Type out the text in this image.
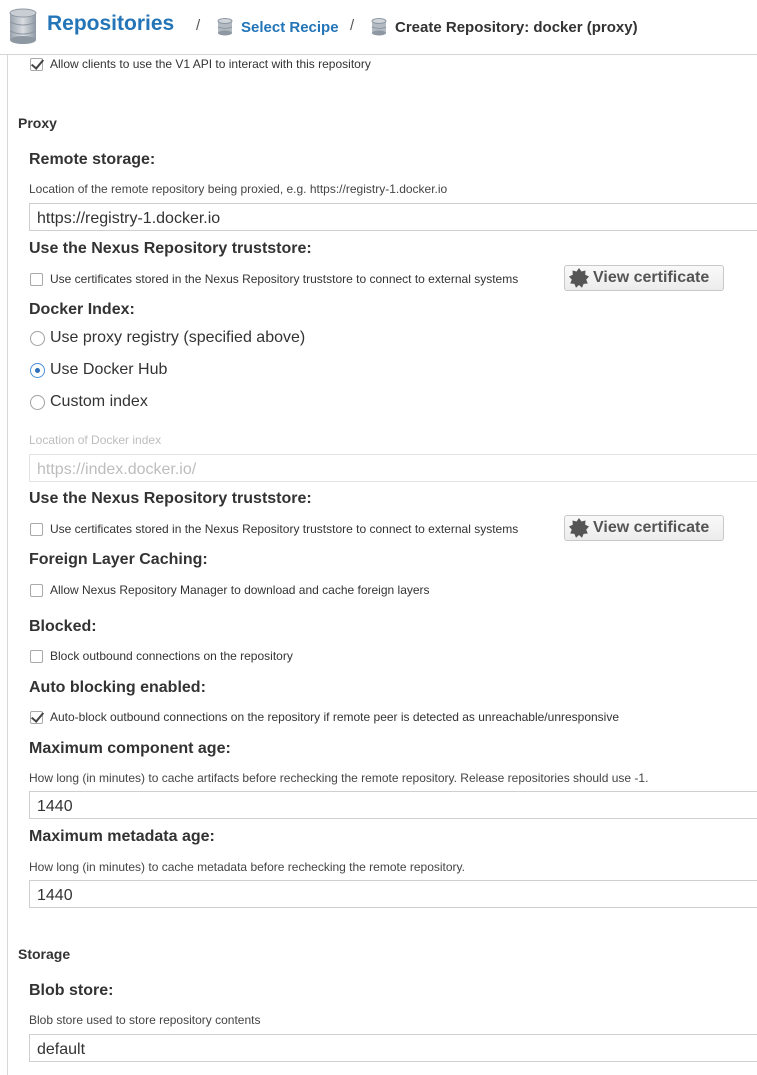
Repositories /	Select Recipe /	Create Repository: docker (proxy)
Allow clients to use the V1 API to interact with this repository
Proxy
Remote storage:
Location of the remote repository being proxied, e.g. https://registry-1.docker.io
https://registry-1.docker.io
Use the Nexus Repository truststore:
Use certificates stored in the Nexus Repository truststore to connect to external systems	View certificate
Docker Index:
Use proxy registry (specified above)
Use Docker Hub
Custom index
Location of Docker index
https://index.docker.io/
Use the Nexus Repository truststore:
Use certificates stored in the Nexus Repository truststore to connect to external systems	View certificate
Foreign Layer Caching:
Allow Nexus Repository Manager to download and cache foreign layers
Blocked:
Block outbound connections on the repository
Auto blocking enabled:
Auto-block outbound connections on the repository if remote peer is detected as unreachable/unresponsive
Maximum component age:
How long (in minutes) to cache artifacts before rechecking the remote repository. Release repositories should use -1.
1440
Maximum metadata age:
How long (in minutes) to cache metadata before rechecking the remote repository.
1440
Storage
Blob store:
Blob store used to store repository contents
default
